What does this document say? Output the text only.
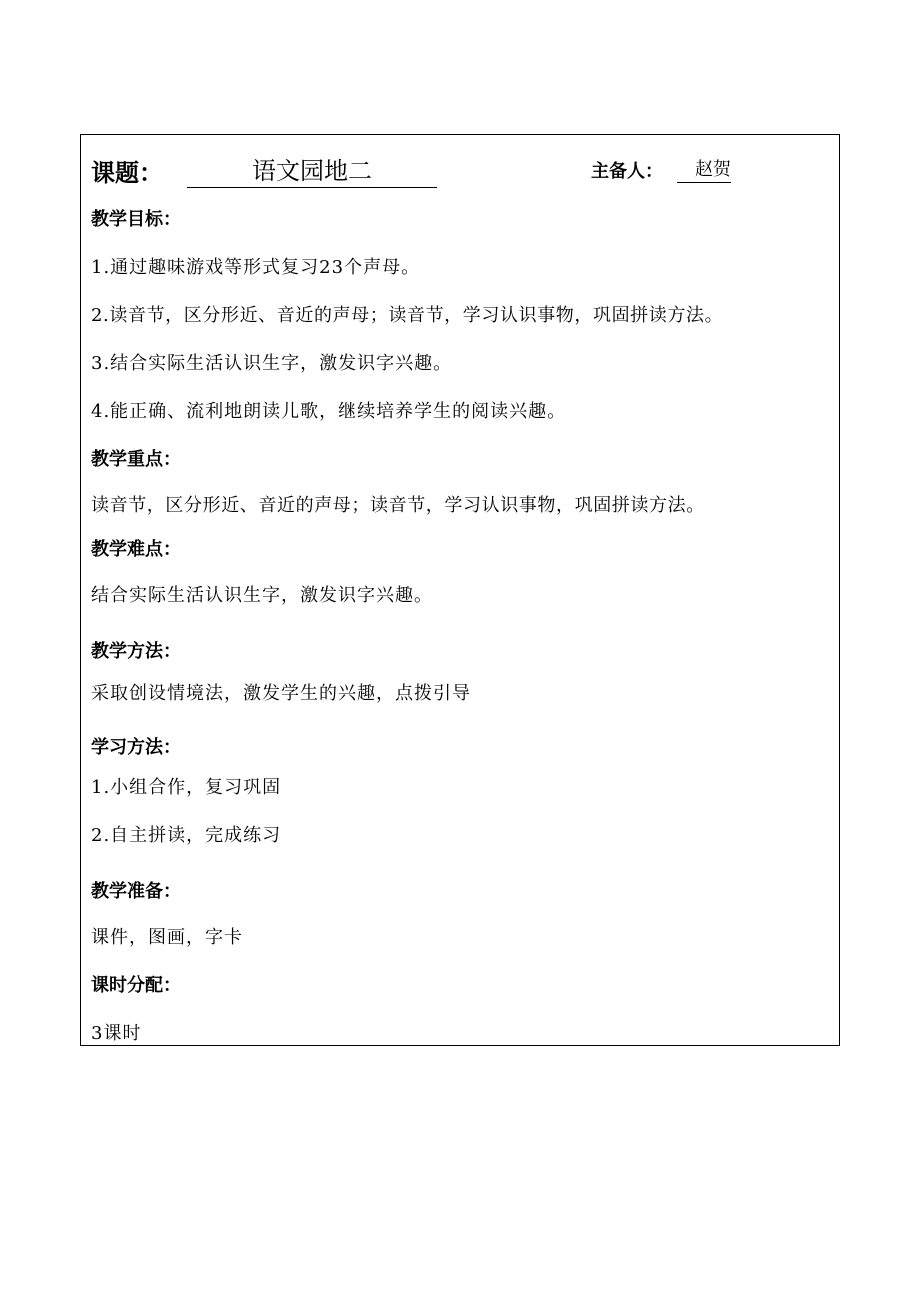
课题：	语文园地二	主备人：	赵贺
教学目标：
1.通过趣味游戏等形式复习23个声母。
2.读音节，区分形近、音近的声母；读音节，学习认识事物，巩固拼读方法。
3.结合实际生活认识生字，激发识字兴趣。
4.能正确、流利地朗读儿歌，继续培养学生的阅读兴趣。
教学重点：
读音节，区分形近、音近的声母；读音节，学习认识事物，巩固拼读方法。
教学难点：
结合实际生活认识生字，激发识字兴趣。
教学方法：
采取创设情境法，激发学生的兴趣，点拨引导
学习方法：
1.小组合作，复习巩固
2.自主拼读，完成练习
教学准备：
课件，图画，字卡
课时分配：
3课时
